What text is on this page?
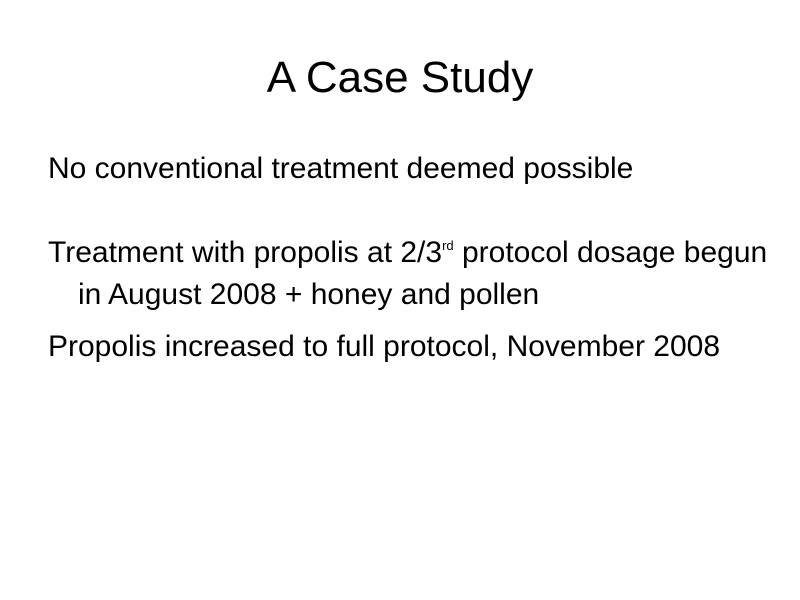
A Case Study
No conventional treatment deemed possible
Treatment with propolis at 2/3rd protocol dosage begun in August 2008 + honey and pollen
Propolis increased to full protocol, November 2008
